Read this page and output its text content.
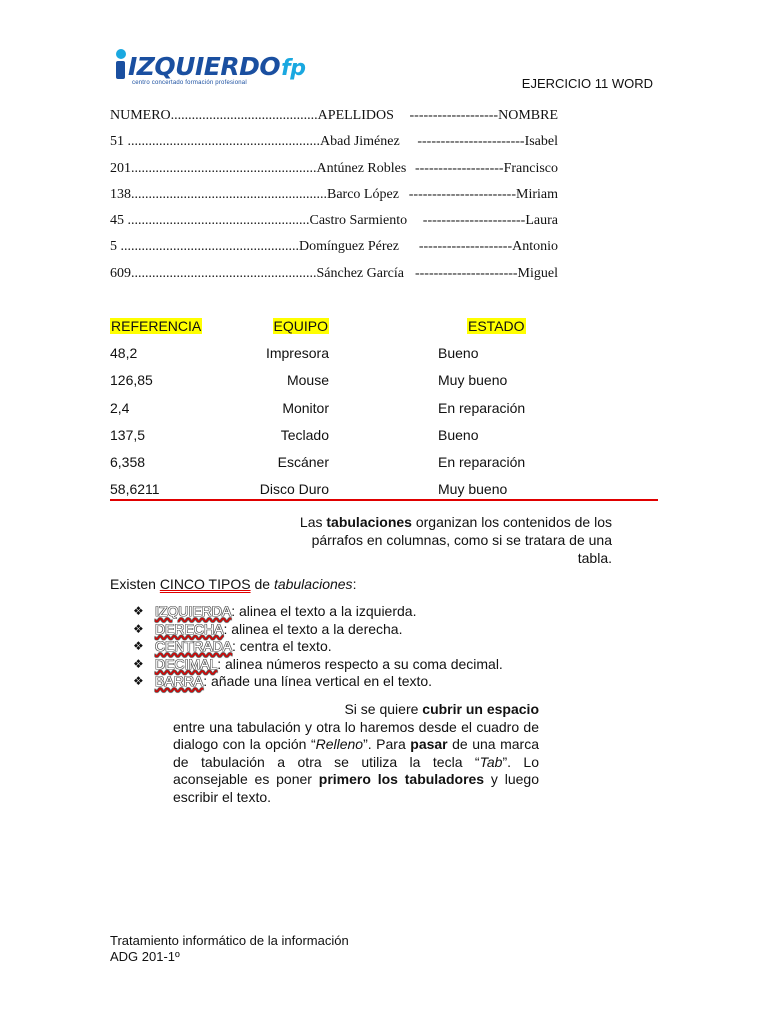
IZQUIERDOfp
centro concertado formación profesional	EJERCICIO 11 WORD
NUMERO..........................................APELLIDOS -------------------NOMBRE
51 .......................................................Abad Jiménez -----------------------Isabel
201.....................................................Antúnez Robles -------------------Francisco
138........................................................Barco López -----------------------Miriam
45 ....................................................Castro Sarmiento ----------------------Laura
5 ...................................................Domínguez Pérez --------------------Antonio
609.....................................................Sánchez García ----------------------Miguel
REFERENCIA	EQUIPO	ESTADO
48,2	Impresora	Bueno
126,85	Mouse	Muy bueno
2,4	Monitor	En reparación
137,5	Teclado	Bueno
6,358	Escáner	En reparación
58,6211	Disco Duro	Muy bueno
Las tabulaciones organizan los contenidos de los párrafos en columnas, como si se tratara de una tabla.
Existen CINCO TIPOS de tabulaciones:
❖ IZQUIERDA: alinea el texto a la izquierda.
❖ DERECHA: alinea el texto a la derecha.
❖ CENTRADA: centra el texto.
❖ DECIMAL: alinea números respecto a su coma decimal.
❖ BARRA: añade una línea vertical en el texto.
Si se quiere cubrir un espacio
entre una tabulación y otra lo haremos desde el cuadro de dialogo con la opción “Relleno”. Para pasar de una marca de tabulación a otra se utiliza la tecla “Tab”. Lo aconsejable es poner primero los tabuladores y luego escribir el texto.
Tratamiento informático de la información
ADG 201-1º
